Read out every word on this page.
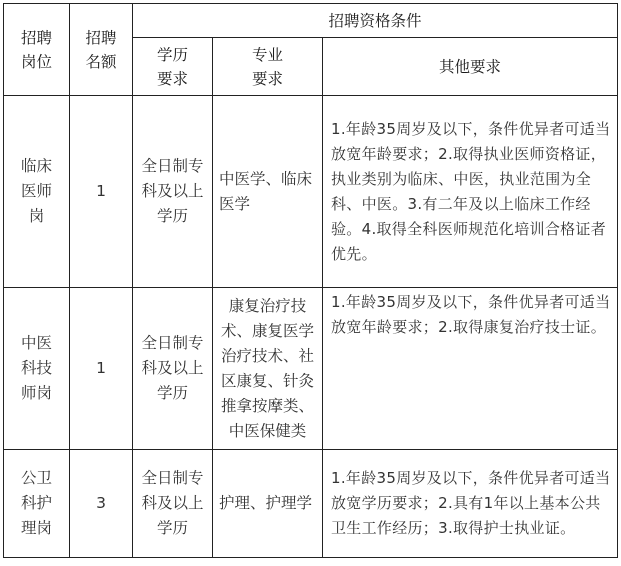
招聘岗位	招聘名额	招聘资格条件		
		学历要求	专业要求	其他要求
临床医师岗	1	全日制专科及以上学历	中医学、临床医学	1.年龄35周岁及以下，条件优异者可适当放宽年龄要求；2.取得执业医师资格证，执业类别为临床、中医，执业范围为全科、中医。3.有二年及以上临床工作经验。4.取得全科医师规范化培训合格证者优先。
中医科技师岗	1	全日制专科及以上学历	康复治疗技术、康复医学治疗技术、社区康复、针灸推拿按摩类、中医保健类	1.年龄35周岁及以下，条件优异者可适当放宽年龄要求；2.取得康复治疗技士证。
公卫科护理岗	3	全日制专科及以上学历	护理、护理学	1.年龄35周岁及以下，条件优异者可适当放宽学历要求；2.具有1年以上基本公共卫生工作经历；3.取得护士执业证。
